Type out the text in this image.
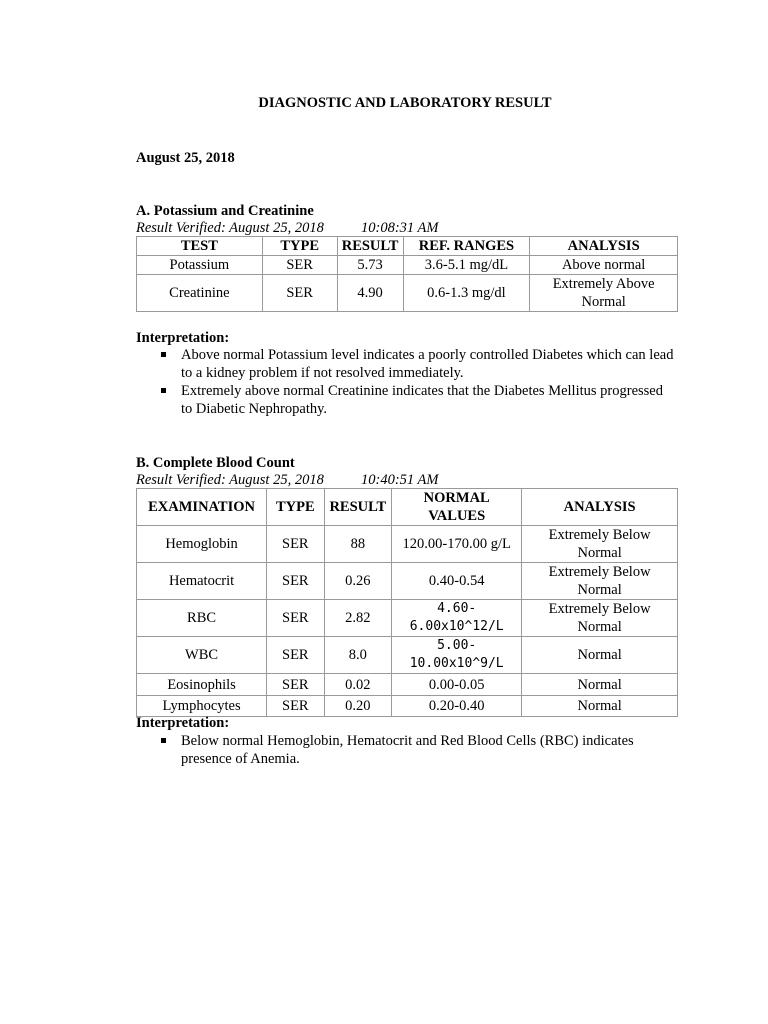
DIAGNOSTIC AND LABORATORY RESULT
August 25, 2018
A. Potassium and Creatinine
Result Verified: August 25, 2018	10:08:31 AM
TEST	TYPE	RESULT	REF. RANGES	ANALYSIS
Potassium	SER	5.73	3.6-5.1 mg/dL	Above normal
Creatinine	SER	4.90	0.6-1.3 mg/dl	Extremely Above Normal
Interpretation:
Above normal Potassium level indicates a poorly controlled Diabetes which can lead to a kidney problem if not resolved immediately.
Extremely above normal Creatinine indicates that the Diabetes Mellitus progressed to Diabetic Nephropathy.
B. Complete Blood Count
Result Verified: August 25, 2018	10:40:51 AM
EXAMINATION	TYPE	RESULT	NORMAL VALUES	ANALYSIS
Hemoglobin	SER	88	120.00-170.00 g/L	Extremely Below Normal
Hematocrit	SER	0.26	0.40-0.54	Extremely Below Normal
RBC	SER	2.82	4.60-6.00x10^12/L	Extremely Below Normal
WBC	SER	8.0	5.00-10.00x10^9/L	Normal
Eosinophils	SER	0.02	0.00-0.05	Normal
Lymphocytes	SER	0.20	0.20-0.40	Normal
Interpretation:
Below normal Hemoglobin, Hematocrit and Red Blood Cells (RBC) indicates presence of Anemia.
